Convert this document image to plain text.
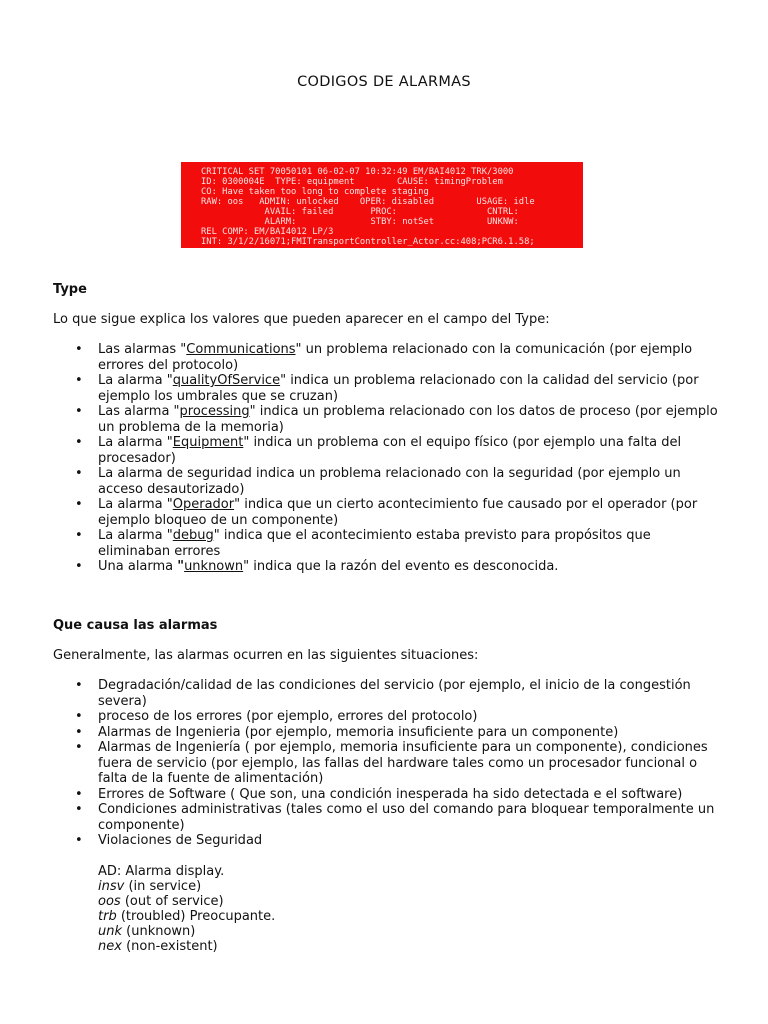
CODIGOS DE ALARMAS
CRITICAL SET 70050101 06-02-07 10:32:49 EM/BAI4012 TRK/3000
ID: 0300004E  TYPE: equipment        CAUSE: timingProblem
CO: Have taken too long to complete staging
RAW: oos   ADMIN: unlocked    OPER: disabled        USAGE: idle
AVAIL: failed       PROC:                 CNTRL:
ALARM:              STBY: notSet          UNKNW:
REL COMP: EM/BAI4012 LP/3
INT: 3/1/2/16071;FMITransportController_Actor.cc:408;PCR6.1.58;
Type
Lo que sigue explica los valores que pueden aparecer en el campo del Type:
• Las alarmas "Communications" un problema relacionado con la comunicación (por ejemplo errores del protocolo)
• La alarma "qualityOfService" indica un problema relacionado con la calidad del servicio (por ejemplo los umbrales que se cruzan)
• Las alarma "processing" indica un problema relacionado con los datos de proceso (por ejemplo un problema de la memoria)
• La alarma "Equipment" indica un problema con el equipo físico (por ejemplo una falta del procesador)
• La alarma de seguridad indica un problema relacionado con la seguridad (por ejemplo un acceso desautorizado)
• La alarma "Operador" indica que un cierto acontecimiento fue causado por el operador (por ejemplo bloqueo de un componente)
• La alarma "debug" indica que el acontecimiento estaba previsto para propósitos que eliminaban errores
• Una alarma "unknown" indica que la razón del evento es desconocida.
Que causa las alarmas
Generalmente, las alarmas ocurren en las siguientes situaciones:
• Degradación/calidad de las condiciones del servicio (por ejemplo, el inicio de la congestión severa)
• proceso de los errores (por ejemplo, errores del protocolo)
• Alarmas de Ingenieria (por ejemplo, memoria insuficiente para un componente)
• Alarmas de Ingeniería ( por ejemplo, memoria insuficiente para un componente), condiciones fuera de servicio (por ejemplo, las fallas del hardware tales como un procesador funcional o falta de la fuente de alimentación)
• Errores de Software ( Que son, una condición inesperada ha sido detectada e el software)
• Condiciones administrativas (tales como el uso del comando para bloquear temporalmente un componente)
• Violaciones de Seguridad
AD: Alarma display.
insv (in service)
oos (out of service)
trb (troubled) Preocupante.
unk (unknown)
nex (non-existent)
